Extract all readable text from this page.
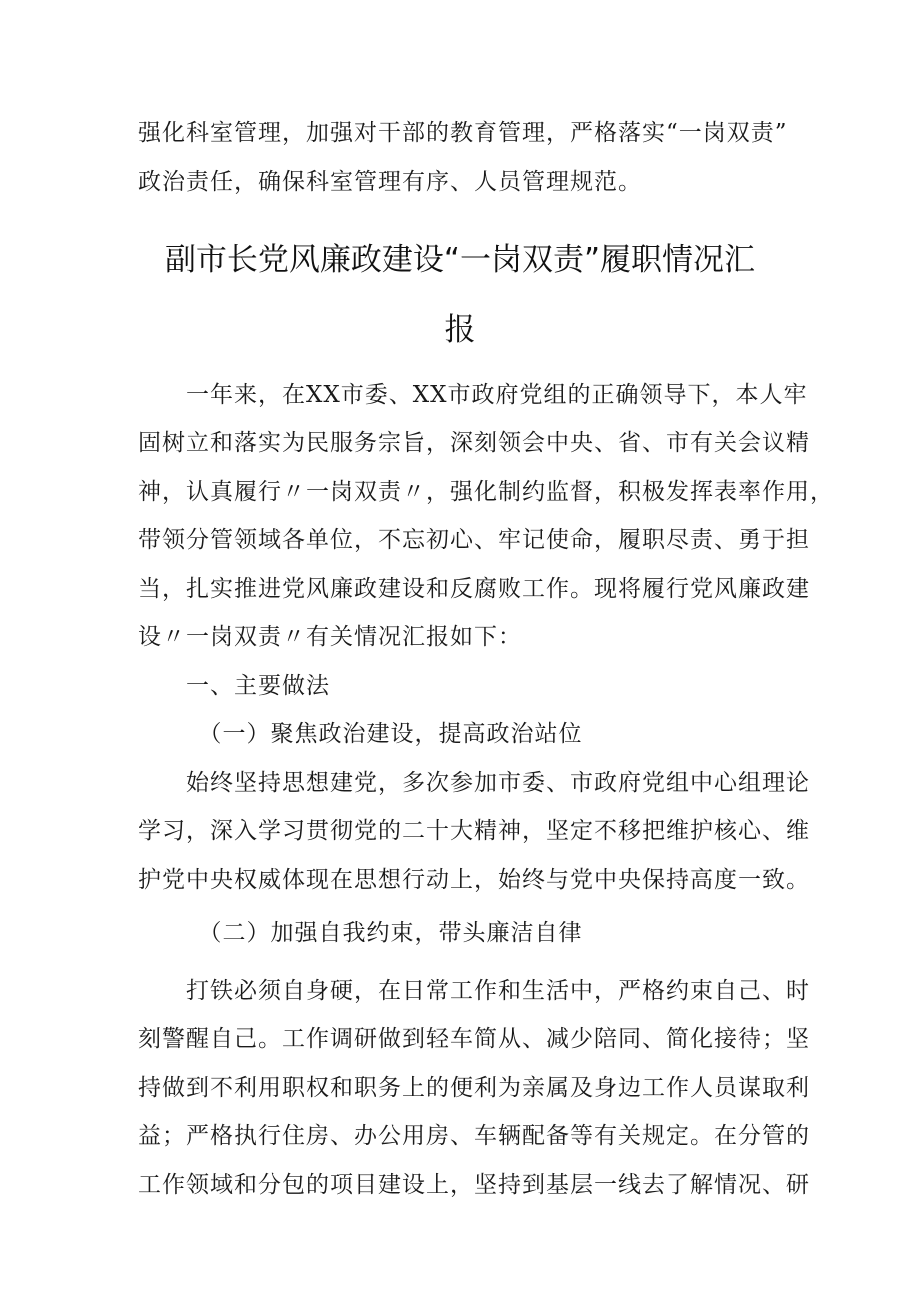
强化科室管理，加强对干部的教育管理，严格落实“一岗双责”
政治责任，确保科室管理有序、人员管理规范。
副市长党风廉政建设“一岗双责”履职情况汇
报
　　一年来，在XX市委、XX市政府党组的正确领导下，本人牢
固树立和落实为民服务宗旨，深刻领会中央、省、市有关会议精
神，认真履行〃一岗双责〃，强化制约监督，积极发挥表率作用，
带领分管领域各单位，不忘初心、牢记使命，履职尽责、勇于担
当，扎实推进党风廉政建设和反腐败工作。现将履行党风廉政建
设〃一岗双责〃有关情况汇报如下：
　　一、主要做法
　　　（一）聚焦政治建设，提高政治站位
　　始终坚持思想建党，多次参加市委、市政府党组中心组理论
学习，深入学习贯彻党的二十大精神，坚定不移把维护核心、维
护党中央权威体现在思想行动上，始终与党中央保持高度一致。
　　　（二）加强自我约束，带头廉洁自律
　　打铁必须自身硬，在日常工作和生活中，严格约束自己、时
刻警醒自己。工作调研做到轻车简从、减少陪同、简化接待；坚
持做到不利用职权和职务上的便利为亲属及身边工作人员谋取利
益；严格执行住房、办公用房、车辆配备等有关规定。在分管的
工作领域和分包的项目建设上，坚持到基层一线去了解情况、研
